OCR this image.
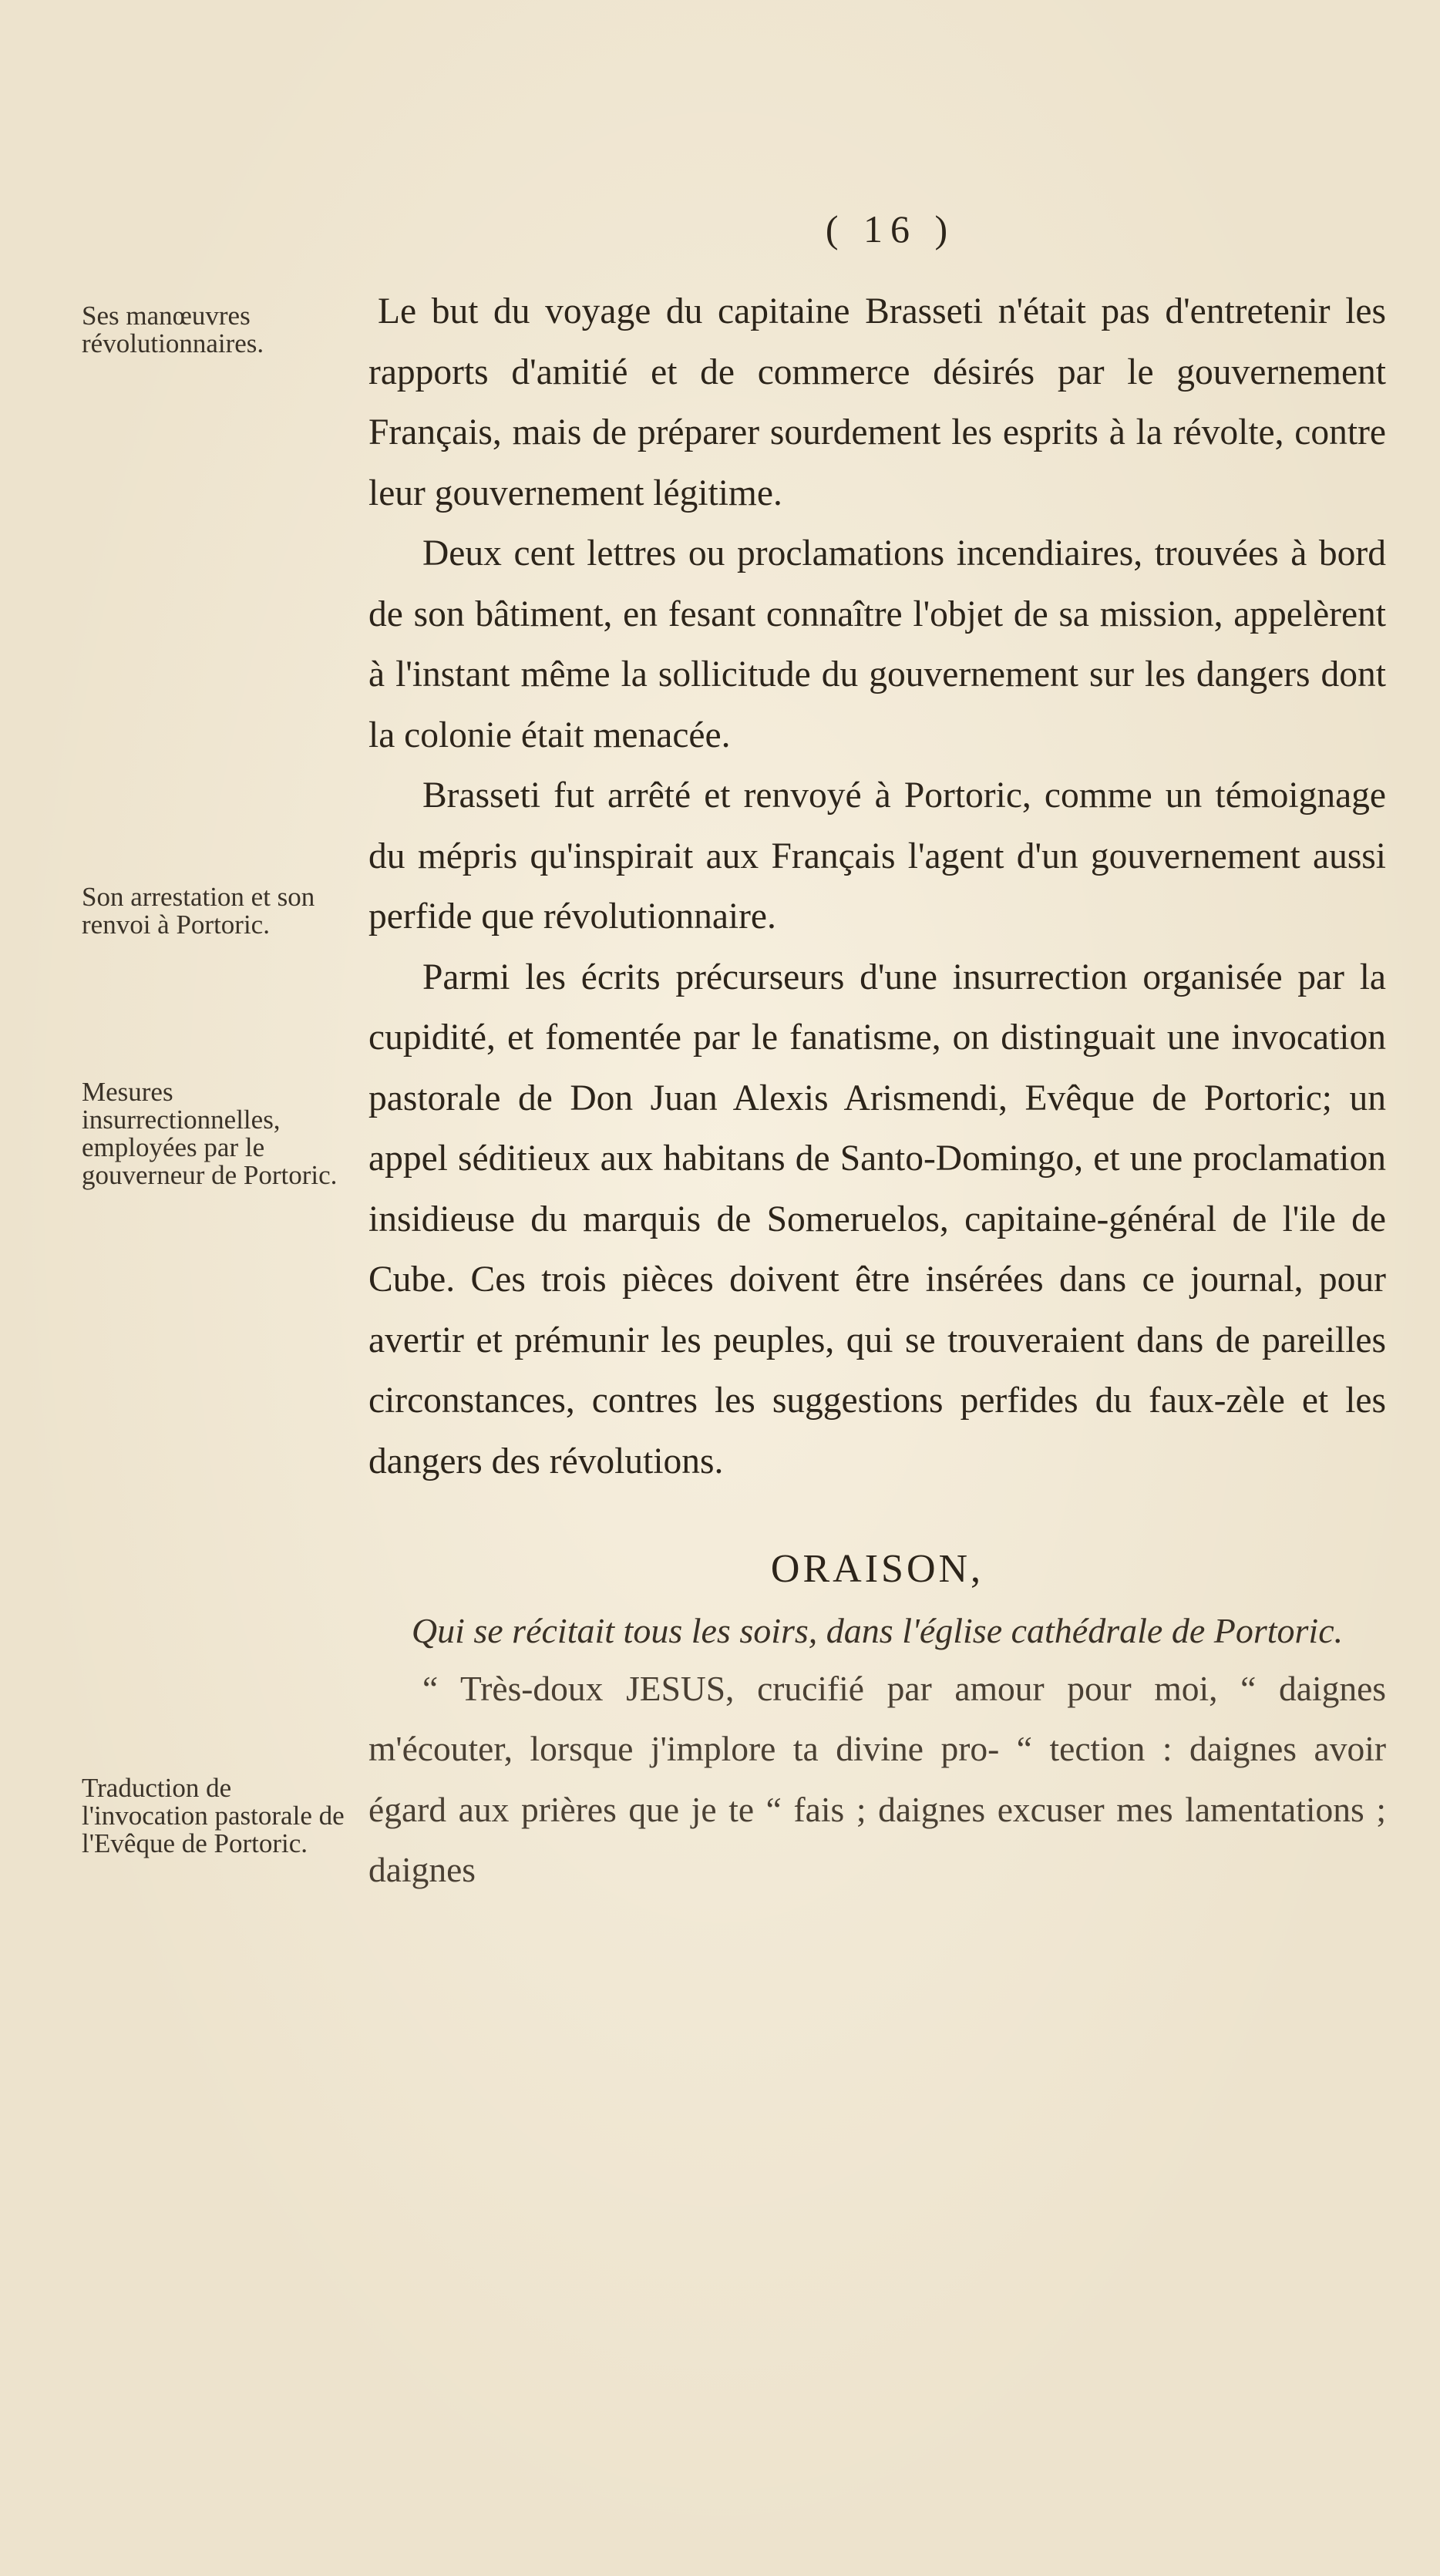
( 16 )

Ses manœuvres révolutionnaires.

Son arrestation et son renvoi à Portoric.

Mesures insurrectionnelles, employées par le gouverneur de Portoric.

Traduction de l'invocation pastorale de l'Evêque de Portoric.

Le but du voyage du capitaine Brasseti n'était pas d'entretenir les rapports d'amitié et de commerce désirés par le gouvernement Français, mais de préparer sourdement les esprits à la révolte, contre leur gouvernement légitime.

Deux cent lettres ou proclamations incendiaires, trouvées à bord de son bâtiment, en fesant connaître l'objet de sa mission, appelèrent à l'instant même la sollicitude du gouvernement sur les dangers dont la colonie était menacée.

Brasseti fut arrêté et renvoyé à Portoric, comme un témoignage du mépris qu'inspirait aux Français l'agent d'un gouvernement aussi perfide que révolutionnaire.

Parmi les écrits précurseurs d'une insurrection organisée par la cupidité, et fomentée par le fanatisme, on distinguait une invocation pastorale de Don Juan Alexis Arismendi, Evêque de Portoric; un appel séditieux aux habitans de Santo-Domingo, et une proclamation insidieuse du marquis de Someruelos, capitaine-général de l'ile de Cube. Ces trois pièces doivent être insérées dans ce journal, pour avertir et prémunir les peuples, qui se trouveraient dans de pareilles circonstances, contres les suggestions perfides du faux-zèle et les dangers des révolutions.

ORAISON,

Qui se récitait tous les soirs, dans l'église cathédrale de Portoric.

“ Très-doux JESUS, crucifié par amour pour moi, “ daignes m'écouter, lorsque j'implore ta divine pro- “ tection : daignes avoir égard aux prières que je te “ fais ; daignes excuser mes lamentations ; daignes
